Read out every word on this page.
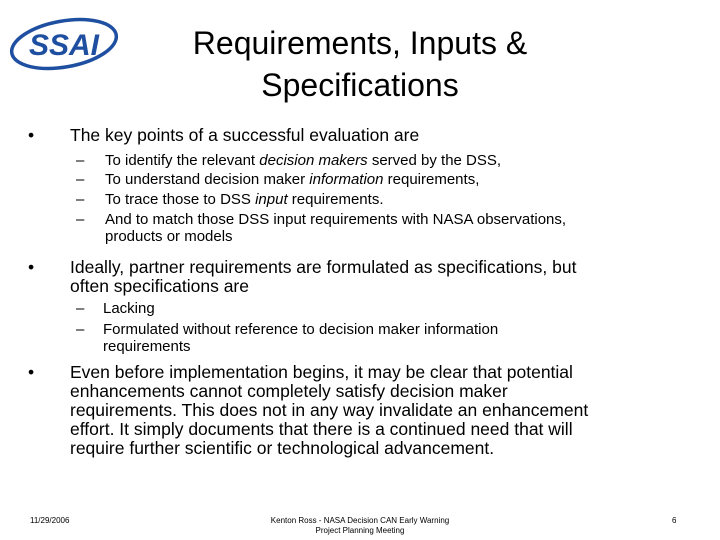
SSAI	Requirements, Inputs &
Specifications
• The key points of a successful evaluation are
– To identify the relevant decision makers served by the DSS,
– To understand decision maker information requirements,
– To trace those to DSS input requirements.
– And to match those DSS input requirements with NASA observations,
products or models
• Ideally, partner requirements are formulated as specifications, but
often specifications are
– Lacking
– Formulated without reference to decision maker information
requirements
• Even before implementation begins, it may be clear that potential
enhancements cannot completely satisfy decision maker
requirements. This does not in any way invalidate an enhancement
effort. It simply documents that there is a continued need that will
require further scientific or technological advancement.
11/29/2006	Kenton Ross - NASA Decision CAN Early Warning
Project Planning Meeting
6
